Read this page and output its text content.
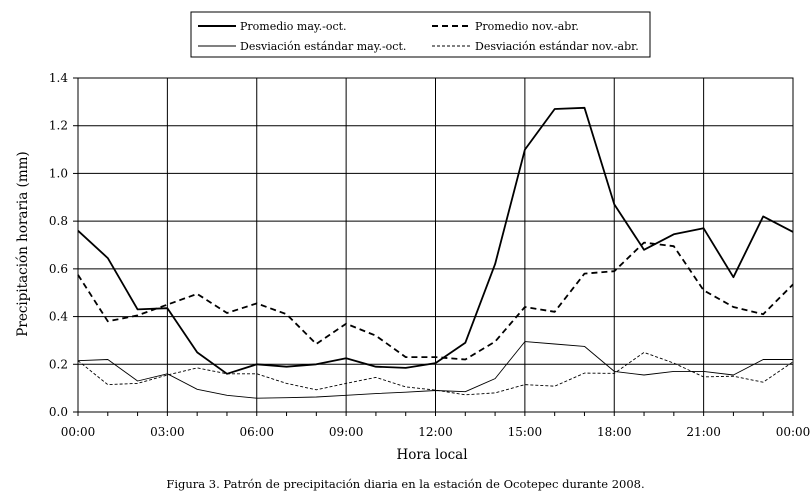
0.0
0.2
0.4
0.6
0.8
1.0
1.2
1.4
00:00	03:00	06:00	09:00	12:00	15:00	18:00	21:00	00:00
Precipitación horaria (mm)
Hora local
Promedio may.-oct.	Promedio nov.-abr.
Desviación estándar may.-oct.	Desviación estándar nov.-abr.
Figura 3. Patrón de precipitación diaria en la estación de Ocotepec durante 2008.
